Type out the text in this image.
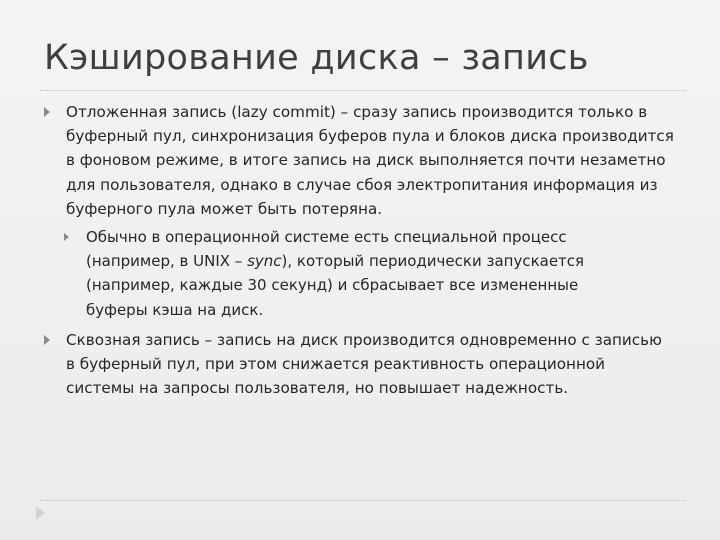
Кэширование диска – запись
Отложенная запись (lazy commit) – сразу запись производится только в буферный пул, синхронизация буферов пула и блоков диска производится в фоновом режиме, в итоге запись на диск выполняется почти незаметно для пользователя, однако в случае сбоя электропитания информация из буферного пула может быть потеряна.
Обычно в операционной системе есть специальной процесс (например, в UNIX – sync), который периодически запускается (например, каждые 30 секунд) и сбрасывает все измененные буферы кэша на диск.
Сквозная запись – запись на диск производится одновременно с записью в буферный пул, при этом снижается реактивность операционной системы на запросы пользователя, но повышает надежность.
